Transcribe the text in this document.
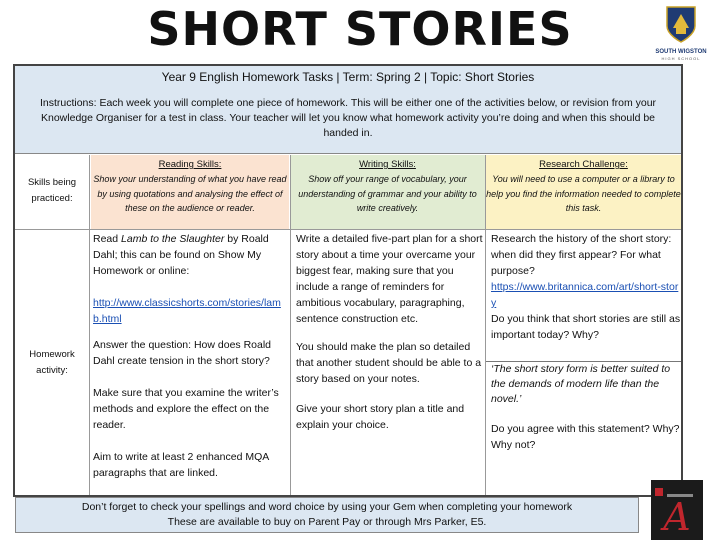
SHORT STORIES	SOUTH WIGSTON
HIGH SCHOOL
Year 9 English Homework Tasks | Term: Spring 2 | Topic: Short Stories
Instructions: Each week you will complete one piece of homework. This will be either one of the activities below, or revision from your Knowledge Organiser for a test in class. Your teacher will let you know what homework activity you’re doing and when this should be handed in.
Skills being practiced:
Reading Skills:
Show your understanding of what you have read by using quotations and analysing the effect of these on the audience or reader.
Writing Skills:
Show off your range of vocabulary, your understanding of grammar and your ability to write creatively.
Research Challenge:
You will need to use a computer or a library to help you find the information needed to complete this task.
Homework activity:

Read Lamb to the Slaughter by Roald Dahl; this can be found on Show My Homework or online:

http://www.classicshorts.com/stories/lamb.html

Answer the question: How does Roald Dahl create tension in the short story?

Make sure that you examine the writer’s methods and explore the effect on the reader.

Aim to write at least 2 enhanced MQA paragraphs that are linked.

Write a detailed five-part plan for a short story about a time your overcame your biggest fear, making sure that you include a range of reminders for ambitious vocabulary, paragraphing, sentence construction etc.

You should make the plan so detailed that another student should be able to a story based on your notes.

Give your short story plan a title and explain your choice.

Research the history of the short story: when did they first appear? For what purpose?

https://www.britannica.com/art/short-story

Do you think that short stories are still as important today? Why?

‘The short story form is better suited to the demands of modern life than the novel.’

Do you agree with this statement? Why? Why not?

Don’t forget to check your spellings and word choice by using your Gem when completing your homework
These are available to buy on Parent Pay or through Mrs Parker, E5.	A
